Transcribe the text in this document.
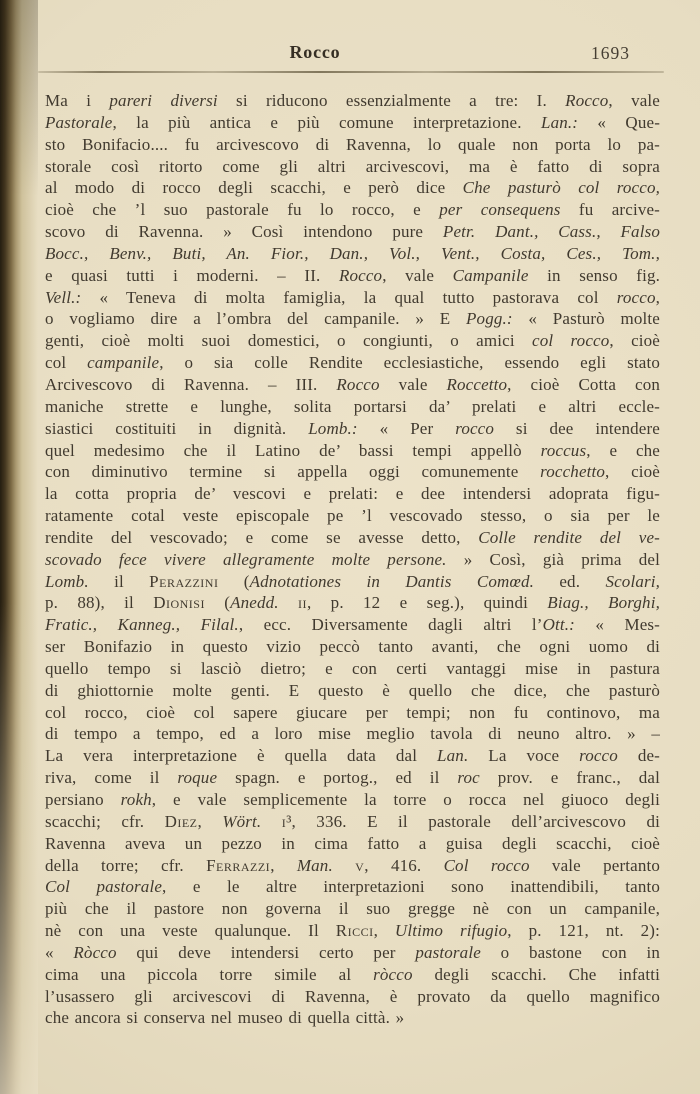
Rocco	1693
Ma i pareri diversi si riducono essenzialmente a tre: I. Rocco, vale
Pastorale, la più antica e più comune interpretazione. Lan.: « Que-
sto Bonifacio.... fu arcivescovo di Ravenna, lo quale non porta lo pa-
storale così ritorto come gli altri arcivescovi, ma è fatto di sopra
al modo di rocco degli scacchi, e però dice Che pasturò col rocco,
cioè che ’l suo pastorale fu lo rocco, e per consequens fu arcive-
scovo di Ravenna. » Così intendono pure Petr. Dant., Cass., Falso
Bocc., Benv., Buti, An. Fior., Dan., Vol., Vent., Costa, Ces., Tom.,
e quasi tutti i moderni. – II. Rocco, vale Campanile in senso fig.
Vell.: « Teneva di molta famiglia, la qual tutto pastorava col rocco,
o vogliamo dire a l’ombra del campanile. » E Pogg.: « Pasturò molte
genti, cioè molti suoi domestici, o congiunti, o amici col rocco, cioè
col campanile, o sia colle Rendite ecclesiastiche, essendo egli stato
Arcivescovo di Ravenna. – III. Rocco vale Roccetto, cioè Cotta con
maniche strette e lunghe, solita portarsi da’ prelati e altri eccle-
siastici costituiti in dignità. Lomb.: « Per rocco si dee intendere
quel medesimo che il Latino de’ bassi tempi appellò roccus, e che
con diminutivo termine si appella oggi comunemente rocchetto, cioè
la cotta propria de’ vescovi e prelati: e dee intendersi adoprata figu-
ratamente cotal veste episcopale pe ’l vescovado stesso, o sia per le
rendite del vescovado; e come se avesse detto, Colle rendite del ve-
scovado fece vivere allegramente molte persone. » Così, già prima del
Lomb. il Perazzini (Adnotationes in Dantis Comœd. ed. Scolari,
p. 88), il Dionisi (Anedd. ii, p. 12 e seg.), quindi Biag., Borghi,
Fratic., Kanneg., Filal., ecc. Diversamente dagli altri l’Ott.: « Mes-
ser Bonifazio in questo vizio peccò tanto avanti, che ogni uomo di
quello tempo si lasciò dietro; e con certi vantaggi mise in pastura
di ghiottornie molte genti. E questo è quello che dice, che pasturò
col rocco, cioè col sapere giucare per tempi; non fu continovo, ma
di tempo a tempo, ed a loro mise meglio tavola di neuno altro. » –
La vera interpretazione è quella data dal Lan. La voce rocco de-
riva, come il roque spagn. e portog., ed il roc prov. e franc., dal
persiano rokh, e vale semplicemente la torre o rocca nel giuoco degli
scacchi; cfr. Diez, Wört. i³, 336. E il pastorale dell’arcivescovo di
Ravenna aveva un pezzo in cima fatto a guisa degli scacchi, cioè
della torre; cfr. Ferrazzi, Man. v, 416. Col rocco vale pertanto
Col pastorale, e le altre interpretazioni sono inattendibili, tanto
più che il pastore non governa il suo gregge nè con un campanile,
nè con una veste qualunque. Il Ricci, Ultimo rifugio, p. 121, nt. 2):
« Ròcco qui deve intendersi certo per pastorale o bastone con in
cima una piccola torre simile al ròcco degli scacchi. Che infatti
l’usassero gli arcivescovi di Ravenna, è provato da quello magnifico
che ancora si conserva nel museo di quella città. »
